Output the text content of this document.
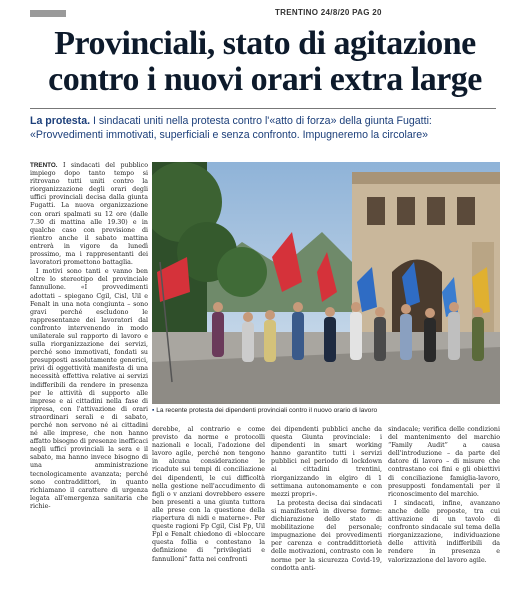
TRENTINO 24/8/20 PAG 20
Provinciali, stato di agitazione
contro i nuovi orari extra large

La protesta. I sindacati uniti nella protesta contro l'«atto di forza» della giunta Fugatti: «Provvedimenti immotivati, superficiali e senza confronto. Impugneremo la circolare»

TRENTO. I sindacati del pubblico impiego dopo tanto tempo si ritrovano tutti uniti contro la riorganizzazione degli orari degli uffici provinciali decisa dalla giunta Fugatti. La nuova organizzazione con orari spalmati su 12 ore (dalle 7.30 di mattina alle 19.30) e in qualche caso con previsione di rientro anche il sabato mattina entrerà in vigore da lunedì prossimo, ma i rappresentanti dei lavoratori promettono battaglia.

I motivi sono tanti e vanno ben oltre lo stereotipo del provinciale fannullone. «I provvedimenti adottati – spiegano Cgil, Cisl, Uil e Fenalt in una nota congiunta – sono gravi perché escludono le rappresentanze dei lavoratori dal confronto intervenendo in modo unilaterale sul rapporto di lavoro e sulla riorganizzazione dei servizi, perché sono immotivati, fondati su presupposti assolutamente generici, privi di oggettività manifesta di una necessità effettiva relative ai servizi indifferibili da rendere in presenza per le attività di supporto alle imprese e ai cittadini nella fase di ripresa, con l'attivazione di orari straordinari serali e di sabato, perché non servono né ai cittadini né alle imprese, che non hanno affatto bisogno di presenze inefficaci negli uffici provinciali la sera e il sabato, ma hanno invece bisogno di una amministrazione tecnologicamente avanzata; perché sono contraddittori, in quanto richiamano il carattere di urgenza legata all'emergenza sanitaria che richie-

▪ La recente protesta dei dipendenti provinciali contro il nuovo orario di lavoro

derebbe, al contrario e come previsto da norme e protocolli nazionali e locali, l'adozione del lavoro agile, perché non tengono in alcuna considerazione le ricadute sui tempi di conciliazione dei dipendenti, le cui difficoltà nella gestione nell'accudimento di figli o v anziani dovrebbero essere ben presenti a una giunta tuttora alle prese con la questione della riapertura di nidi e materne». Per queste ragioni Fp Cgil, Cisl Fp, Uil Fpl e Fenalt chiedono di «bloccare questa follia e contestano la definizione di “privilegiati e fannulloni” fatta nei confronti

dei dipendenti pubblici anche da questa Giunta provinciale: i dipendenti in smart working hanno garantito tutti i servizi pubblici nel periodo di lockdown ai cittadini trentini, riorganizzando in elgiro di 1 settimana autonomamente e con mezzi propri».

La protesta decisa dai sindacati si manifesterà in diverse forme: dichiarazione dello stato di mobilitazione del personale; impugnazione dei provvedimenti per carenza e contraddittorietà delle motivazioni, contrasto con le norme per la sicurezza Covid-19, condotta anti-

sindacale; verifica delle condizioni del mantenimento del marchio “Family Audit” a causa dell'introduzione – da parte del datore di lavoro – di misure che contrastano coi fini e gli obiettivi di conciliazione famiglia-lavoro, presupposti fondamentali per il riconoscimento del marchio.

I sindacati, infine, avanzano anche delle proposte, tra cui attivazione di un tavolo di confronto sindacale sul tema della riorganizzazione, individuazione delle attività indifferibili da rendere in presenza e valorizzazione del lavoro agile.
